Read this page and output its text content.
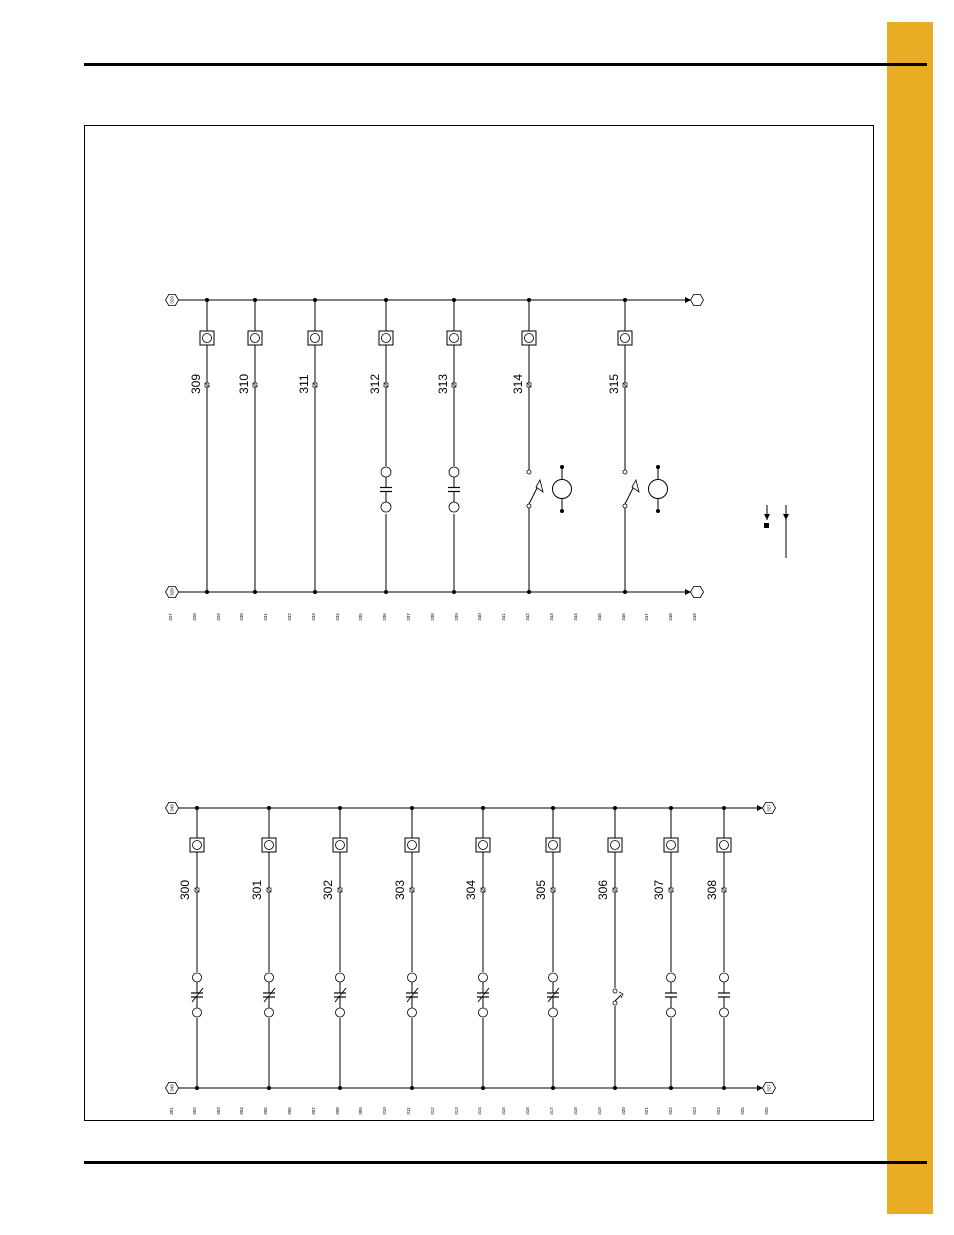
329
328
309	310	311	312	313	314	315
327	328	329	330	331	332	333	334	335	336	337	338	339	340	341	342	343	344	345	346	347	348	349
349	327
349	327
300	301	302	303	304	305	306	307	308
301	302	303	304	305	306	307	308	309	310	311	312	313	314	315	316	317	318	319	320	321	322	323	324	325	326
